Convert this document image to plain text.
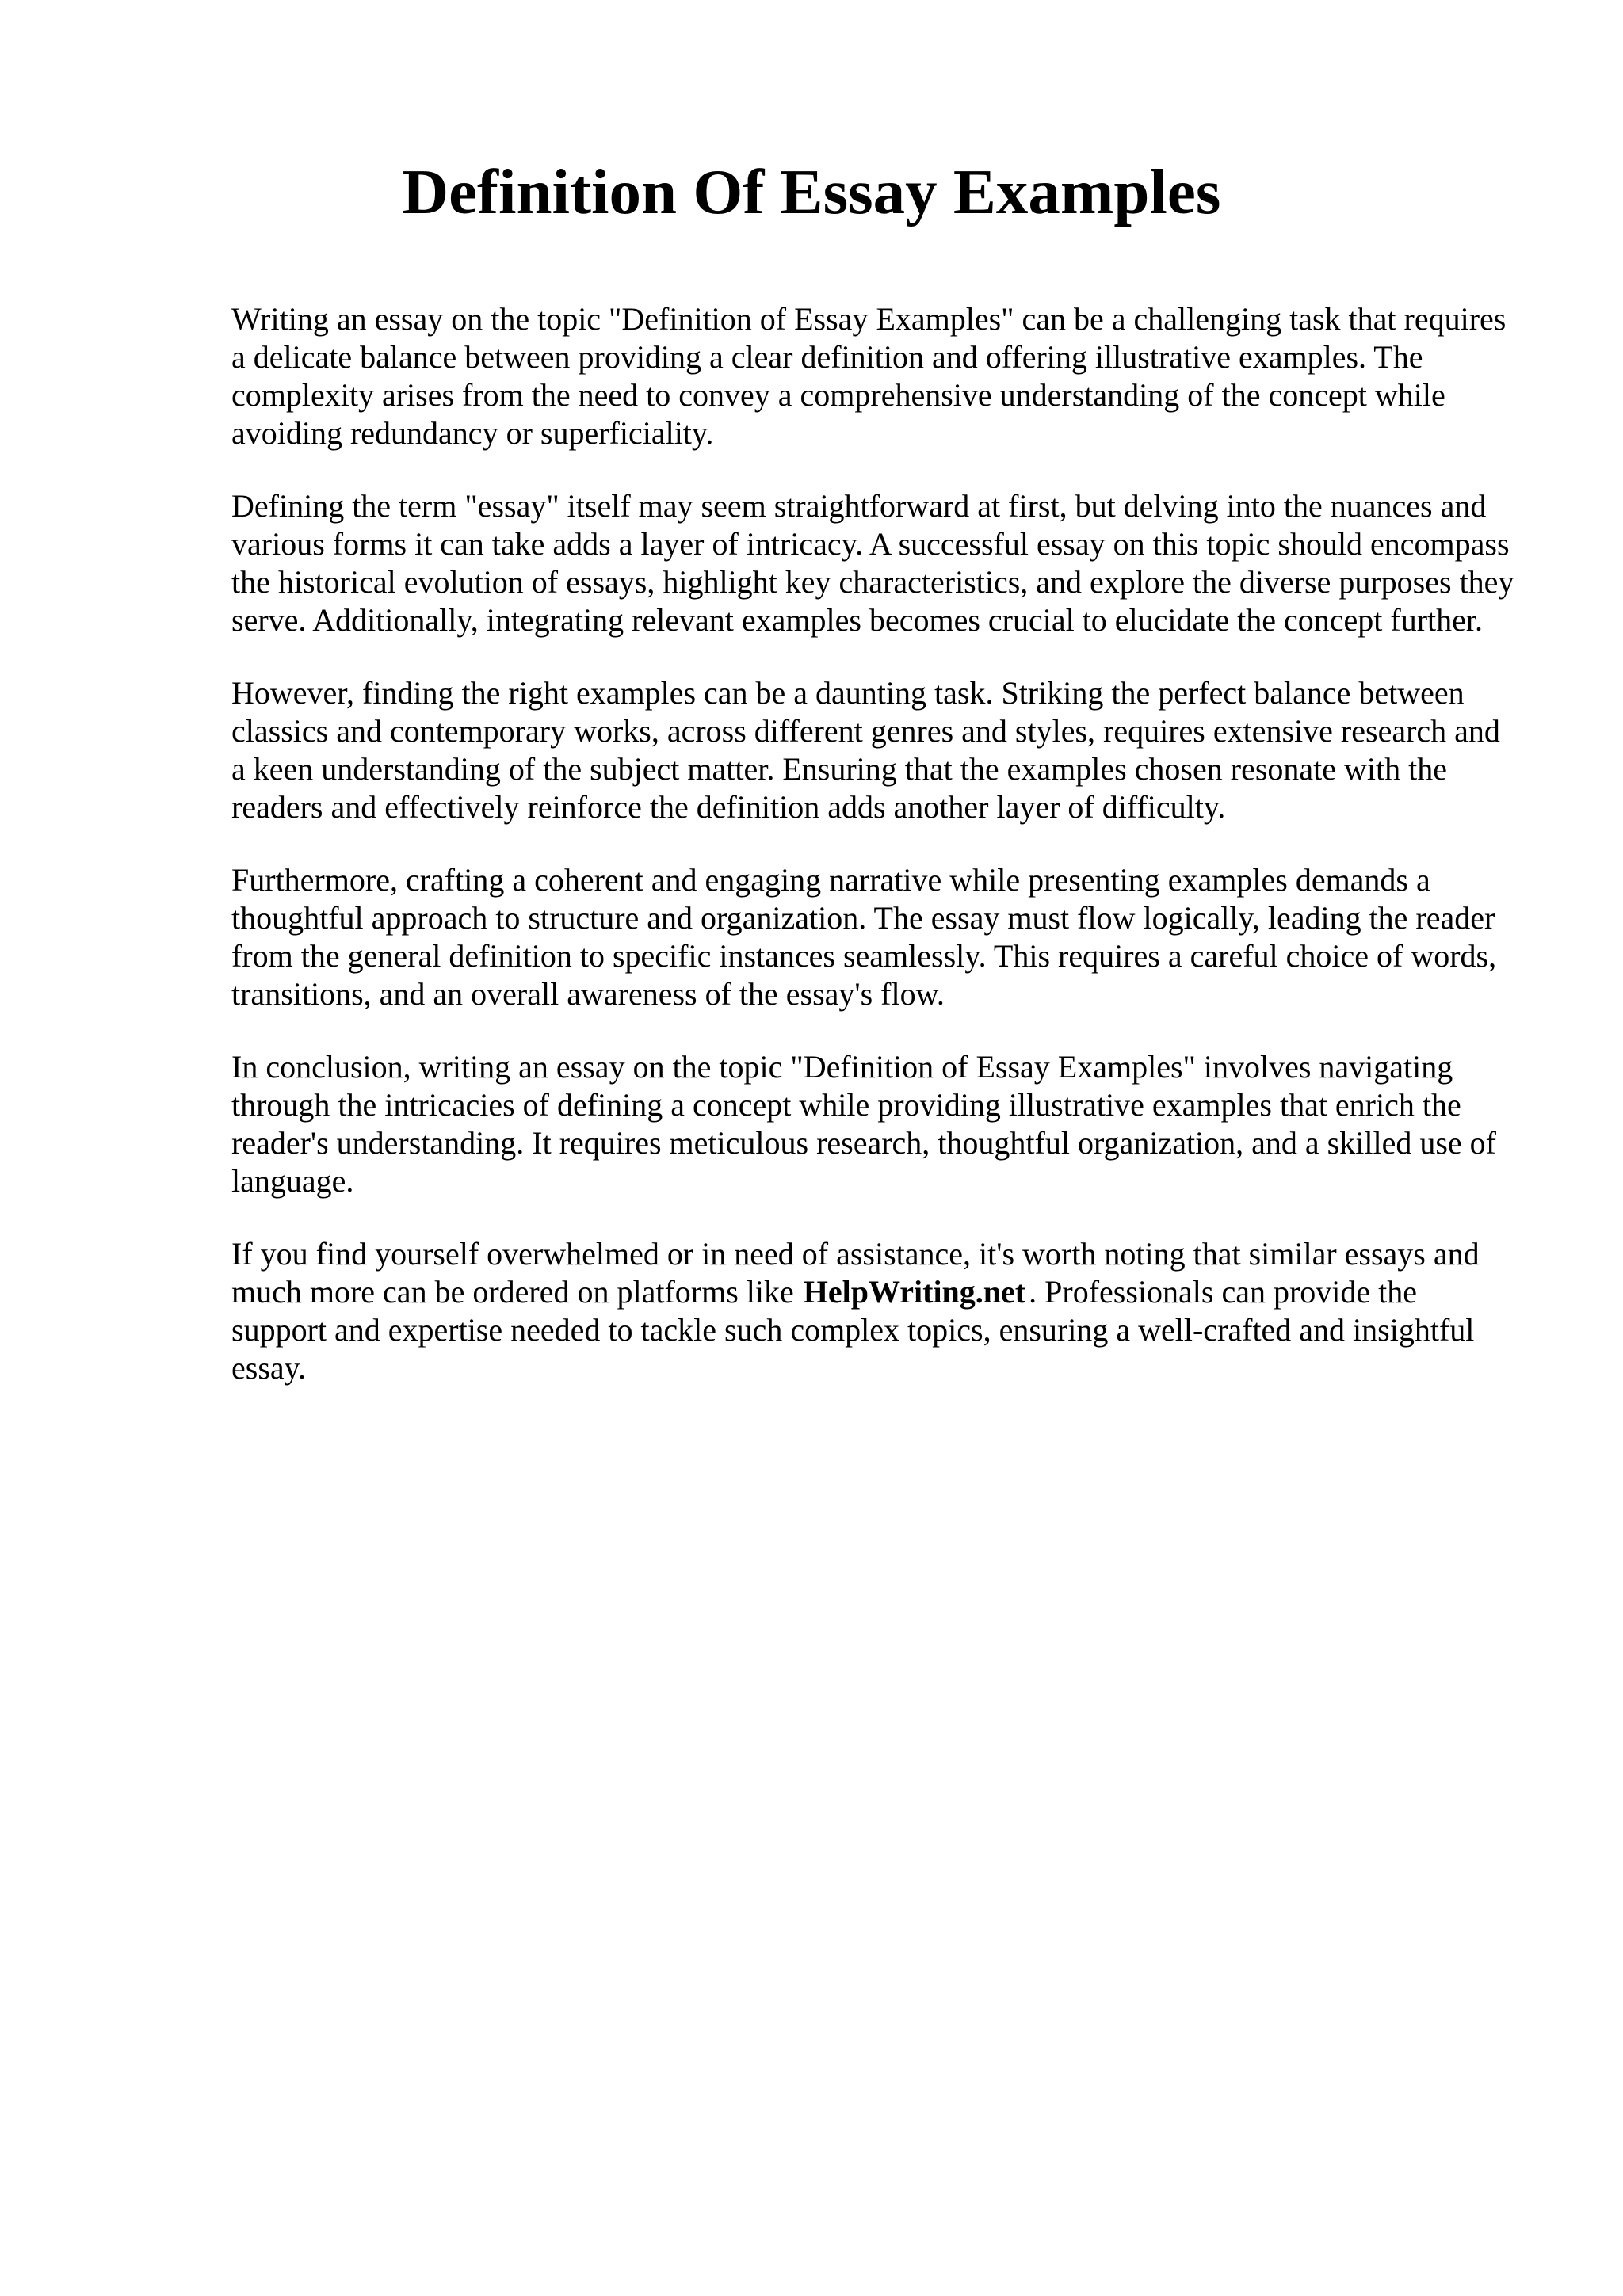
Definition Of Essay Examples

Writing an essay on the topic "Definition of Essay Examples" can be a challenging task that requires a delicate balance between providing a clear definition and offering illustrative examples. The complexity arises from the need to convey a comprehensive understanding of the concept while avoiding redundancy or superficiality.

Defining the term "essay" itself may seem straightforward at first, but delving into the nuances and various forms it can take adds a layer of intricacy. A successful essay on this topic should encompass the historical evolution of essays, highlight key characteristics, and explore the diverse purposes they serve. Additionally, integrating relevant examples becomes crucial to elucidate the concept further.

However, finding the right examples can be a daunting task. Striking the perfect balance between classics and contemporary works, across different genres and styles, requires extensive research and a keen understanding of the subject matter. Ensuring that the examples chosen resonate with the readers and effectively reinforce the definition adds another layer of difficulty.

Furthermore, crafting a coherent and engaging narrative while presenting examples demands a thoughtful approach to structure and organization. The essay must flow logically, leading the reader from the general definition to specific instances seamlessly. This requires a careful choice of words, transitions, and an overall awareness of the essay's flow.

In conclusion, writing an essay on the topic "Definition of Essay Examples" involves navigating through the intricacies of defining a concept while providing illustrative examples that enrich the reader's understanding. It requires meticulous research, thoughtful organization, and a skilled use of language.

If you find yourself overwhelmed or in need of assistance, it's worth noting that similar essays and much more can be ordered on platforms like HelpWriting.net . Professionals can provide the support and expertise needed to tackle such complex topics, ensuring a well-crafted and insightful essay.
